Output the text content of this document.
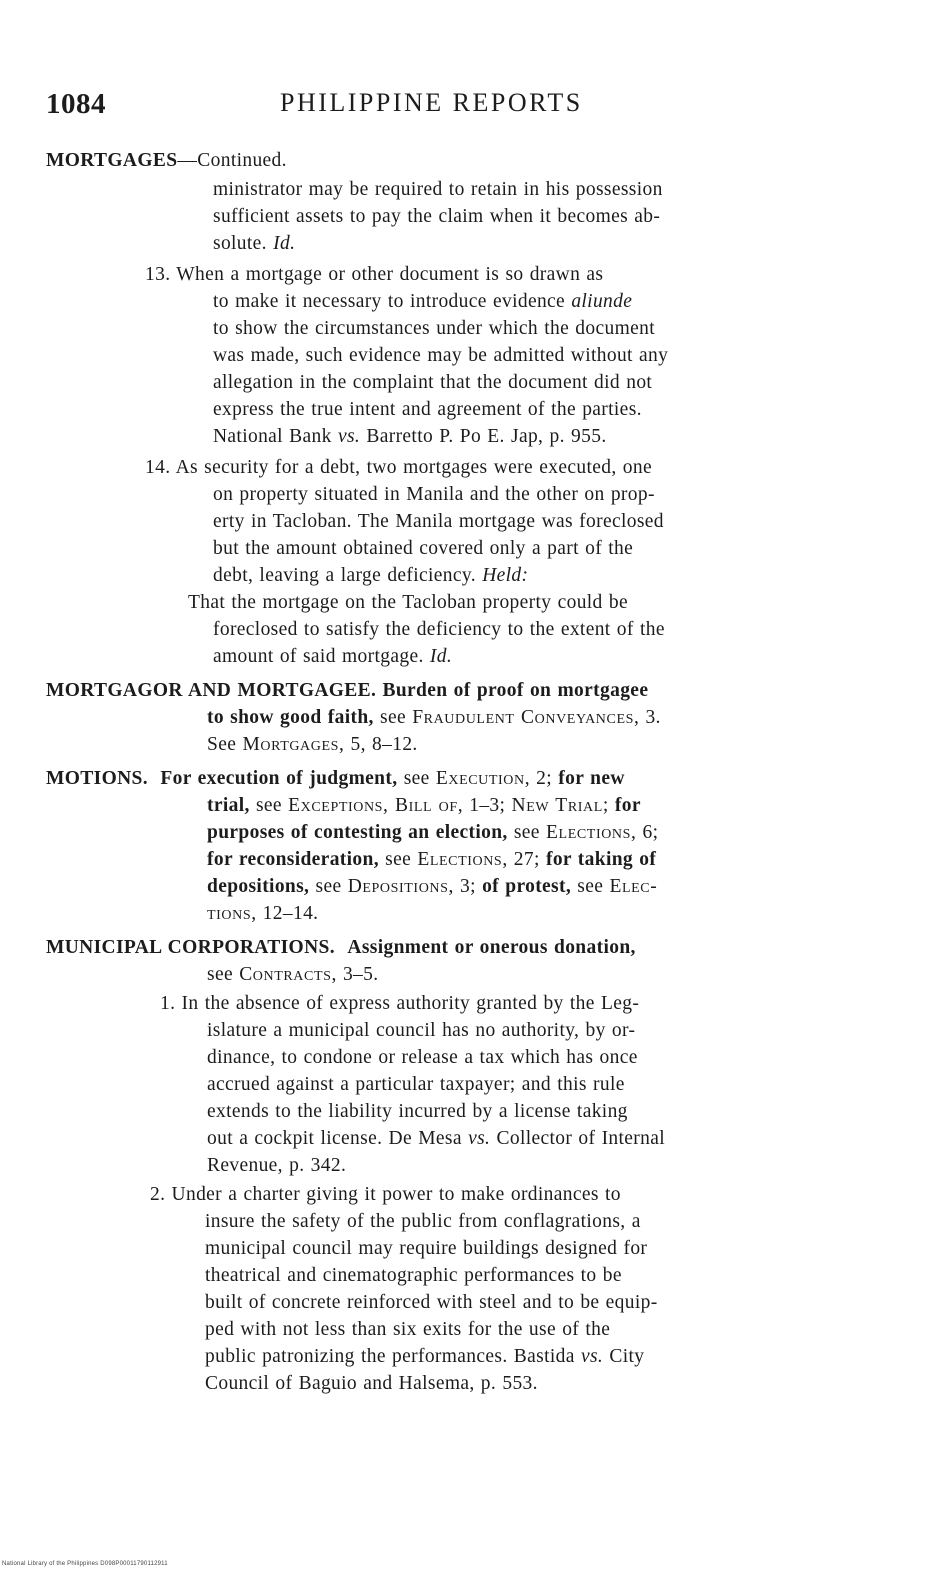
1084	PHILIPPINE REPORTS
MORTGAGES—Continued.
ministrator may be required to retain in his possession
sufficient assets to pay the claim when it becomes ab-
solute. Id.
13. When a mortgage or other document is so drawn as
to make it necessary to introduce evidence aliunde
to show the circumstances under which the document
was made, such evidence may be admitted without any
allegation in the complaint that the document did not
express the true intent and agreement of the parties.
National Bank vs. Barretto P. Po E. Jap, p. 955.
14. As security for a debt, two mortgages were executed, one
on property situated in Manila and the other on prop-
erty in Tacloban. The Manila mortgage was foreclosed
but the amount obtained covered only a part of the
debt, leaving a large deficiency. Held:
That the mortgage on the Tacloban property could be
foreclosed to satisfy the deficiency to the extent of the
amount of said mortgage. Id.
MORTGAGOR AND MORTGAGEE. Burden of proof on mortgagee
to show good faith, see Fraudulent Conveyances, 3.
See Mortgages, 5, 8–12.
MOTIONS. For execution of judgment, see Execution, 2; for new
trial, see Exceptions, Bill of, 1–3; New Trial; for
purposes of contesting an election, see Elections, 6;
for reconsideration, see Elections, 27; for taking of
depositions, see Depositions, 3; of protest, see Elec-
tions, 12–14.
MUNICIPAL CORPORATIONS. Assignment or onerous donation,
see Contracts, 3–5.
1. In the absence of express authority granted by the Leg-
islature a municipal council has no authority, by or-
dinance, to condone or release a tax which has once
accrued against a particular taxpayer; and this rule
extends to the liability incurred by a license taking
out a cockpit license. De Mesa vs. Collector of Internal
Revenue, p. 342.
2. Under a charter giving it power to make ordinances to
insure the safety of the public from conflagrations, a
municipal council may require buildings designed for
theatrical and cinematographic performances to be
built of concrete reinforced with steel and to be equip-
ped with not less than six exits for the use of the
public patronizing the performances. Bastida vs. City
Council of Baguio and Halsema, p. 553.
National Library of the Philippines D098P00011790112911
